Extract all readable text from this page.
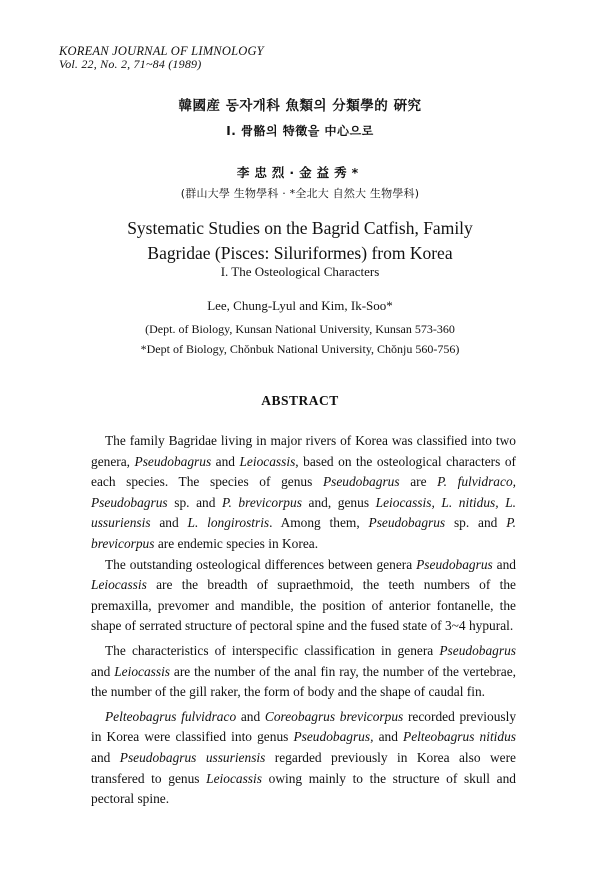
KOREAN JOURNAL OF LIMNOLOGY
Vol. 22, No. 2, 71~84 (1989)
韓國産 동자개科 魚類의 分類學的 硏究
I. 骨骼의 特徵을 中心으로
李忠烈·金益秀*
(群山大學 生物學科 · *全北大 自然大 生物學科)
Systematic Studies on the Bagrid Catfish, Family
Bagridae (Pisces: Siluriformes) from Korea
I. The Osteological Characters
Lee, Chung-Lyul and Kim, Ik-Soo*
(Dept. of Biology, Kunsan National University, Kunsan 573-360
*Dept of Biology, Chŏnbuk National University, Chŏnju 560-756)
ABSTRACT

The family Bagridae living in major rivers of Korea was classified into two genera, Pseudobagrus and Leiocassis, based on the osteological characters of each species. The species of genus Pseudobagrus are P. fulvidraco, Pseudobagrus sp. and P. brevicorpus and, genus Leiocassis, L. nitidus, L. ussuriensis and L. longirostris. Among them, Pseudobagrus sp. and P. brevicorpus are endemic species in Korea.

The outstanding osteological differences between genera Pseudobagrus and Leiocassis are the breadth of supraethmoid, the teeth numbers of the premaxilla, prevomer and mandible, the position of anterior fontanelle, the shape of serrated structure of pectoral spine and the fused state of 3~4 hypural.

The characteristics of interspecific classification in genera Pseudobagrus and Leiocassis are the number of the anal fin ray, the number of the vertebrae, the number of the gill raker, the form of body and the shape of caudal fin.

Pelteobagrus fulvidraco and Coreobagrus brevicorpus recorded previously in Korea were classified into genus Pseudobagrus, and Pelteobagrus nitidus and Pseudobagrus ussuriensis regarded previously in Korea also were transfered to genus Leiocassis owing mainly to the structure of skull and pectoral spine.
